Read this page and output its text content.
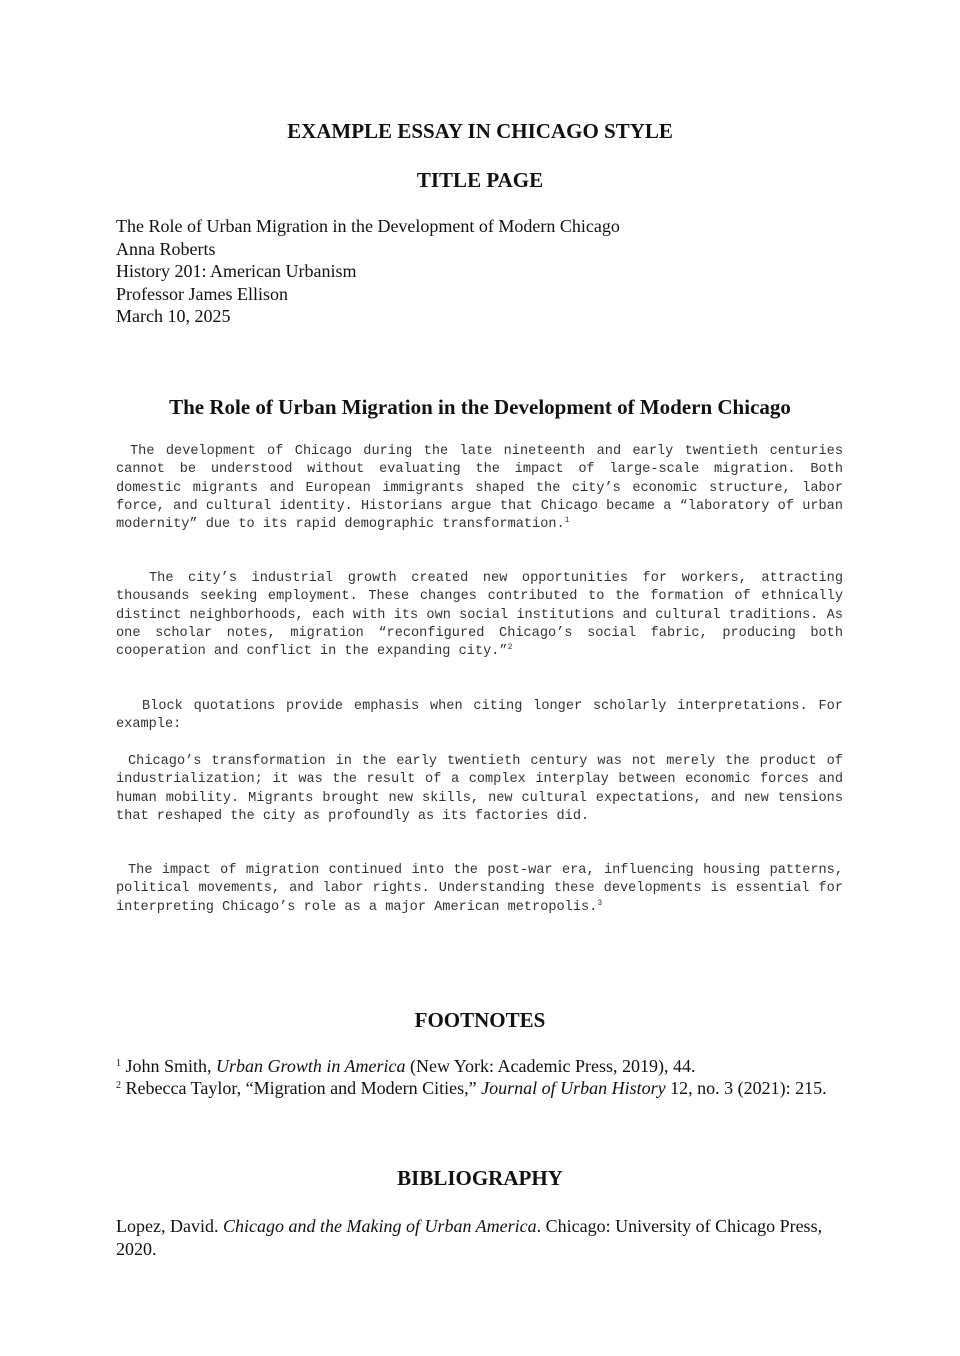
EXAMPLE ESSAY IN CHICAGO STYLE
TITLE PAGE
The Role of Urban Migration in the Development of Modern Chicago
Anna Roberts
History 201: American Urbanism
Professor James Ellison
March 10, 2025
The Role of Urban Migration in the Development of Modern Chicago
The development of Chicago during the late nineteenth and early twentieth centuries cannot be understood without evaluating the impact of large-scale migration. Both domestic migrants and European immigrants shaped the city’s economic structure, labor force, and cultural identity. Historians argue that Chicago became a “laboratory of urban modernity” due to its rapid demographic transformation.$^1$
The city’s industrial growth created new opportunities for workers, attracting thousands seeking employment. These changes contributed to the formation of ethnically distinct neighborhoods, each with its own social institutions and cultural traditions. As one scholar notes, migration “reconfigured Chicago’s social fabric, producing both cooperation and conflict in the expanding city.”$^2$
Block quotations provide emphasis when citing longer scholarly interpretations. For example:
Chicago’s transformation in the early twentieth century was not merely the product of industrialization; it was the result of a complex interplay between economic forces and human mobility. Migrants brought new skills, new cultural expectations, and new tensions that reshaped the city as profoundly as its factories did.
The impact of migration continued into the post-war era, influencing housing patterns, political movements, and labor rights. Understanding these developments is essential for interpreting Chicago’s role as a major American metropolis.$^3$
FOOTNOTES
$^1$ John Smith, Urban Growth in America (New York: Academic Press, 2019), 44.
$^2$ Rebecca Taylor, “Migration and Modern Cities,” Journal of Urban History 12, no. 3 (2021): 215.
BIBLIOGRAPHY
Lopez, David. Chicago and the Making of Urban America. Chicago: University of Chicago Press, 2020.
